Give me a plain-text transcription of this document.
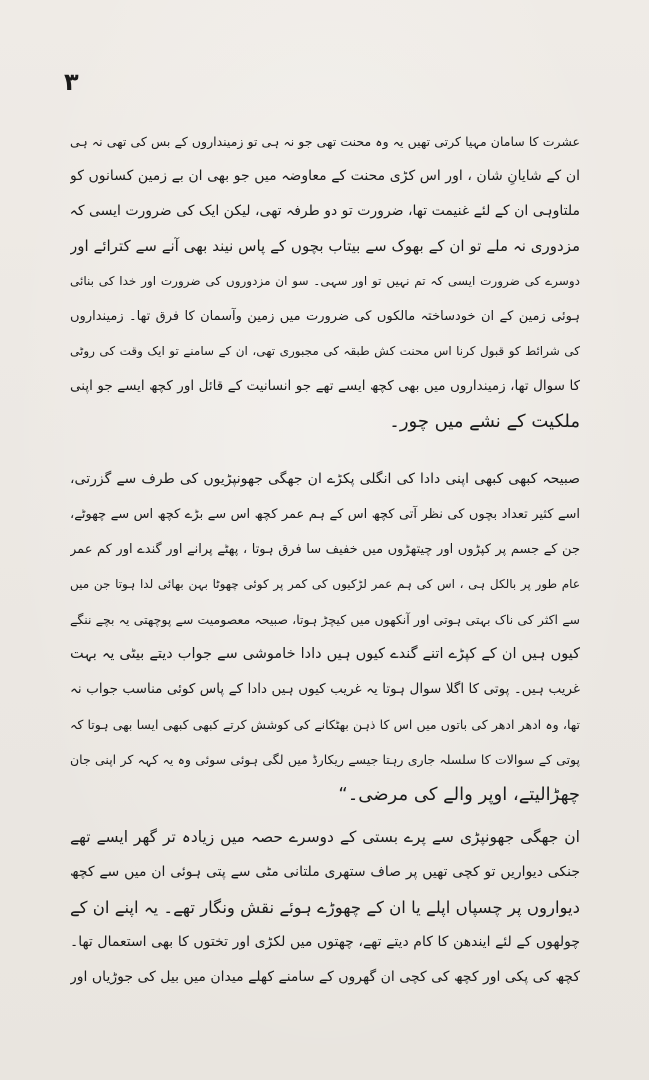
۳
عشرت کا سامان مہیا کرتی تھیں یہ وہ محنت تھی جو نہ ہی تو زمینداروں کے بس کی تھی نہ ہی
ان کے شایانِ شان ، اور اس کڑی محنت کے معاوضہ میں جو بھی ان بے زمین کسانوں کو
ملتاوہی ان کے لئے غنیمت تھا، ضرورت تو دو طرفہ تھی، لیکن ایک کی ضرورت ایسی کہ
مزدوری نہ ملے تو ان کے بھوک سے بیتاب بچوں کے پاس نیند بھی آنے سے کترائے اور
دوسرے کی ضرورت ایسی کہ تم نہیں تو اور سہی۔ سو ان مزدوروں کی ضرورت اور خدا کی بنائی
ہوئی زمین کے ان خودساختہ مالکوں کی ضرورت میں زمین وآسمان کا فرق تھا۔ زمینداروں
کی شرائط کو قبول کرنا اس محنت کش طبقہ کی مجبوری تھی، ان کے سامنے تو ایک وقت کی روٹی
کا سوال تھا، زمینداروں میں بھی کچھ ایسے تھے جو انسانیت کے قائل اور کچھ ایسے جو اپنی
ملکیت کے نشے میں چور۔
صبیحہ کبھی کبھی اپنی دادا کی انگلی پکڑے ان جھگی جھونپڑیوں کی طرف سے گزرتی،
اسے کثیر تعداد بچوں کی نظر آتی کچھ اس کے ہم عمر کچھ اس سے بڑے کچھ اس سے چھوٹے،
جن کے جسم پر کپڑوں اور چیتھڑوں میں خفیف سا فرق ہوتا ، پھٹے پرانے اور گندے اور کم عمر
عام طور پر بالکل ہی ، اس کی ہم عمر لڑکیوں کی کمر پر کوئی چھوٹا بہن بھائی لدا ہوتا جن میں
سے اکثر کی ناک بہتی ہوتی اور آنکھوں میں کیچڑ ہوتا، صبیحہ معصومیت سے پوچھتی یہ بچے ننگے
کیوں ہیں ان کے کپڑے اتنے گندے کیوں ہیں دادا خاموشی سے جواب دیتے بیٹی یہ بہت
غریب ہیں۔ پوتی کا اگلا سوال ہوتا یہ غریب کیوں ہیں دادا کے پاس کوئی مناسب جواب نہ
تھا، وہ ادھر ادھر کی باتوں میں اس کا ذہن بھٹکانے کی کوشش کرتے کبھی کبھی ایسا بھی ہوتا کہ
پوتی کے سوالات کا سلسلہ جاری رہتا جیسے ریکارڈ میں لگی ہوئی سوئی وہ یہ کہہ کر اپنی جان
چھڑالیتے، اوپر والے کی مرضی۔“
ان جھگی جھونپڑی سے پرے بستی کے دوسرے حصہ میں زیادہ تر گھر ایسے تھے
جنکی دیواریں تو کچی تھیں پر صاف ستھری ملتانی مٹی سے پتی ہوئی ان میں سے کچھ
دیواروں پر چسپاں اپلے یا ان کے چھوڑے ہوئے نقش ونگار تھے۔ یہ اپنے ان کے
چولھوں کے لئے ایندھن کا کام دیتے تھے، چھتوں میں لکڑی اور تختوں کا بھی استعمال تھا۔
کچھ کی پکی اور کچھ کی کچی ان گھروں کے سامنے کھلے میدان میں بیل کی جوڑیاں اور
